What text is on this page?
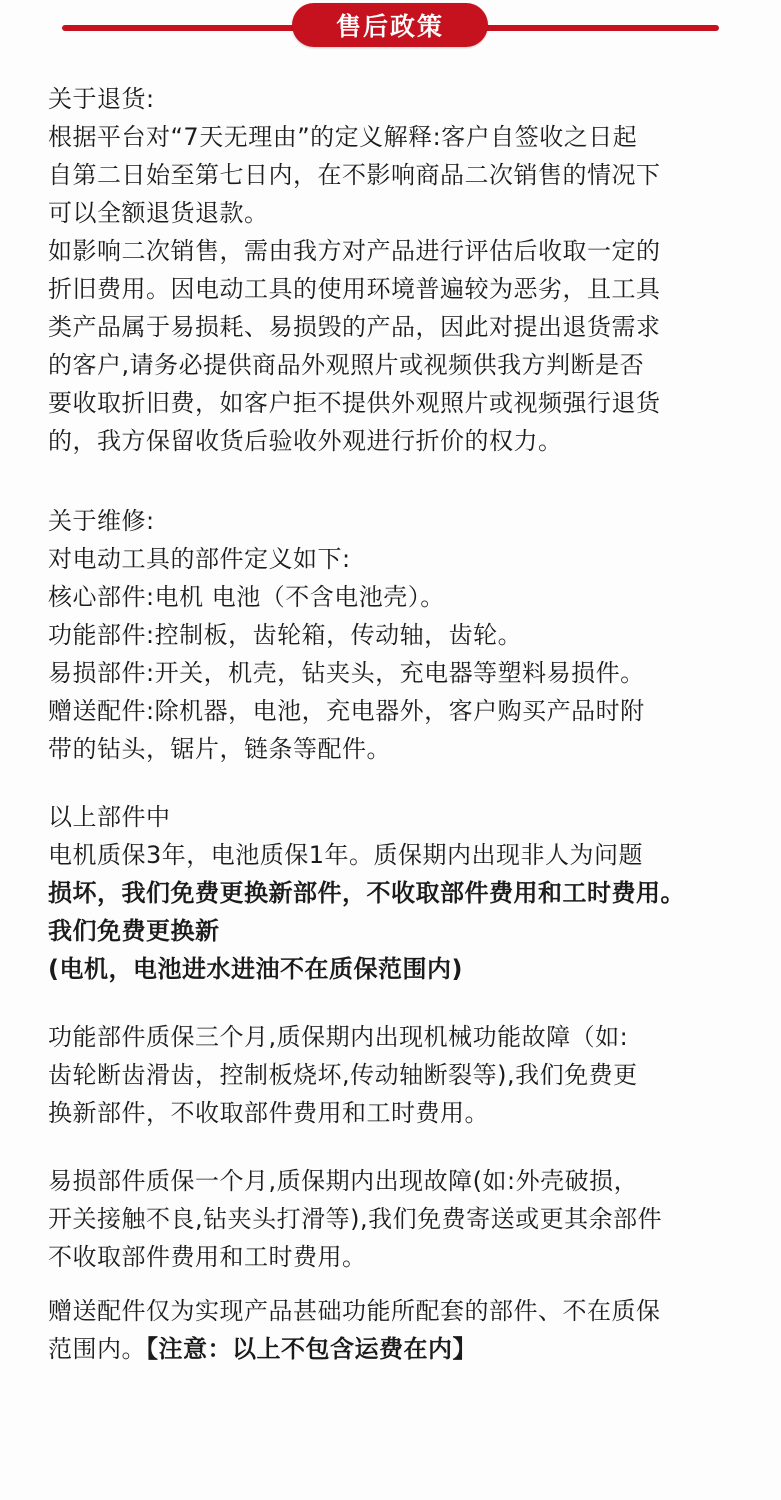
售后政策
关于退货:
根据平台对“7天无理由”的定义解释:客户自签收之日起
自第二日始至第七日内，在不影响商品二次销售的情况下
可以全额退货退款。
如影响二次销售，需由我方对产品进行评估后收取一定的
折旧费用。因电动工具的使用环境普遍较为恶劣，且工具
类产品属于易损耗、易损毁的产品，因此对提出退货需求
的客户,请务必提供商品外观照片或视频供我方判断是否
要收取折旧费，如客户拒不提供外观照片或视频强行退货
的，我方保留收货后验收外观进行折价的权力。
关于维修:
对电动工具的部件定义如下:
核心部件:电机 电池（不含电池壳）。
功能部件:控制板，齿轮箱，传动轴，齿轮。
易损部件:开关，机壳，钻夹头，充电器等塑料易损件。
赠送配件:除机器，电池，充电器外，客户购买产品时附
带的钻头，锯片，链条等配件。
以上部件中
电机质保3年，电池质保1年。质保期内出现非人为问题
损坏，我们免费更换新部件，不收取部件费用和工时费用。
我们免费更换新
(电机，电池进水进油不在质保范围内)
功能部件质保三个月,质保期内出现机械功能故障（如:
齿轮断齿滑齿，控制板烧坏,传动轴断裂等),我们免费更
换新部件，不收取部件费用和工时费用。
易损部件质保一个月,质保期内出现故障(如:外壳破损，
开关接触不良,钻夹头打滑等),我们免费寄送或更其余部件
不收取部件费用和工时费用。
赠送配件仅为实现产品甚础功能所配套的部件、不在质保
范围内。【注意：以上不包含运费在内】
